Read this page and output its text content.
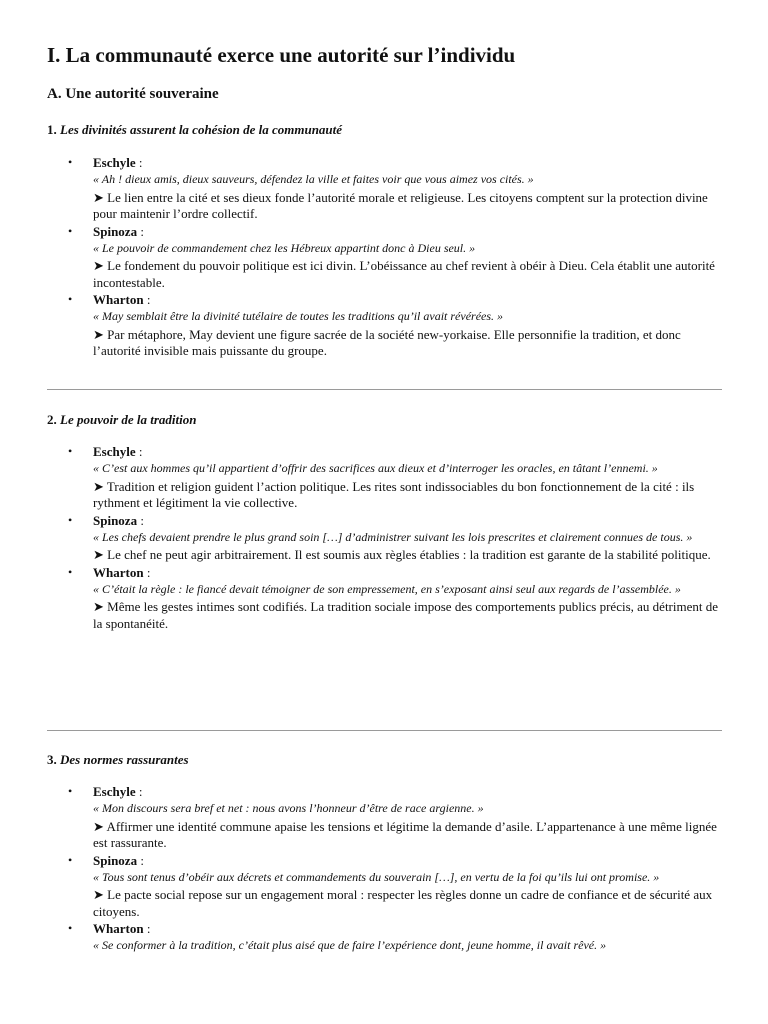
I. La communauté exerce une autorité sur l’individu
A. Une autorité souveraine

1. Les divinités assurent la cohésion de la communauté

• Eschyle :

« Ah ! dieux amis, dieux sauveurs, défendez la ville et faites voir que vous aimez vos cités. »

➤ Le lien entre la cité et ses dieux fonde l’autorité morale et religieuse. Les citoyens comptent sur la protection divine pour maintenir l’ordre collectif.

• Spinoza :

« Le pouvoir de commandement chez les Hébreux appartint donc à Dieu seul. »

➤ Le fondement du pouvoir politique est ici divin. L’obéissance au chef revient à obéir à Dieu. Cela établit une autorité incontestable.

• Wharton :

« May semblait être la divinité tutélaire de toutes les traditions qu’il avait révérées. »

➤ Par métaphore, May devient une figure sacrée de la société new-yorkaise. Elle personnifie la tradition, et donc l’autorité invisible mais puissante du groupe.

2. Le pouvoir de la tradition

• Eschyle :

« C’est aux hommes qu’il appartient d’offrir des sacrifices aux dieux et d’interroger les oracles, en tâtant l’ennemi. »

➤ Tradition et religion guident l’action politique. Les rites sont indissociables du bon fonctionnement de la cité : ils rythment et légitiment la vie collective.

• Spinoza :

« Les chefs devaient prendre le plus grand soin […] d’administrer suivant les lois prescrites et clairement connues de tous. »

➤ Le chef ne peut agir arbitrairement. Il est soumis aux règles établies : la tradition est garante de la stabilité politique.

• Wharton :

« C’était la règle : le fiancé devait témoigner de son empressement, en s’exposant ainsi seul aux regards de l’assemblée. »

➤ Même les gestes intimes sont codifiés. La tradition sociale impose des comportements publics précis, au détriment de la spontanéité.

3. Des normes rassurantes

• Eschyle :

« Mon discours sera bref et net : nous avons l’honneur d’être de race argienne. »

➤ Affirmer une identité commune apaise les tensions et légitime la demande d’asile. L’appartenance à une même lignée est rassurante.

• Spinoza :

« Tous sont tenus d’obéir aux décrets et commandements du souverain […], en vertu de la foi qu’ils lui ont promise. »

➤ Le pacte social repose sur un engagement moral : respecter les règles donne un cadre de confiance et de sécurité aux citoyens.

• Wharton :

« Se conformer à la tradition, c’était plus aisé que de faire l’expérience dont, jeune homme, il avait rêvé. »
